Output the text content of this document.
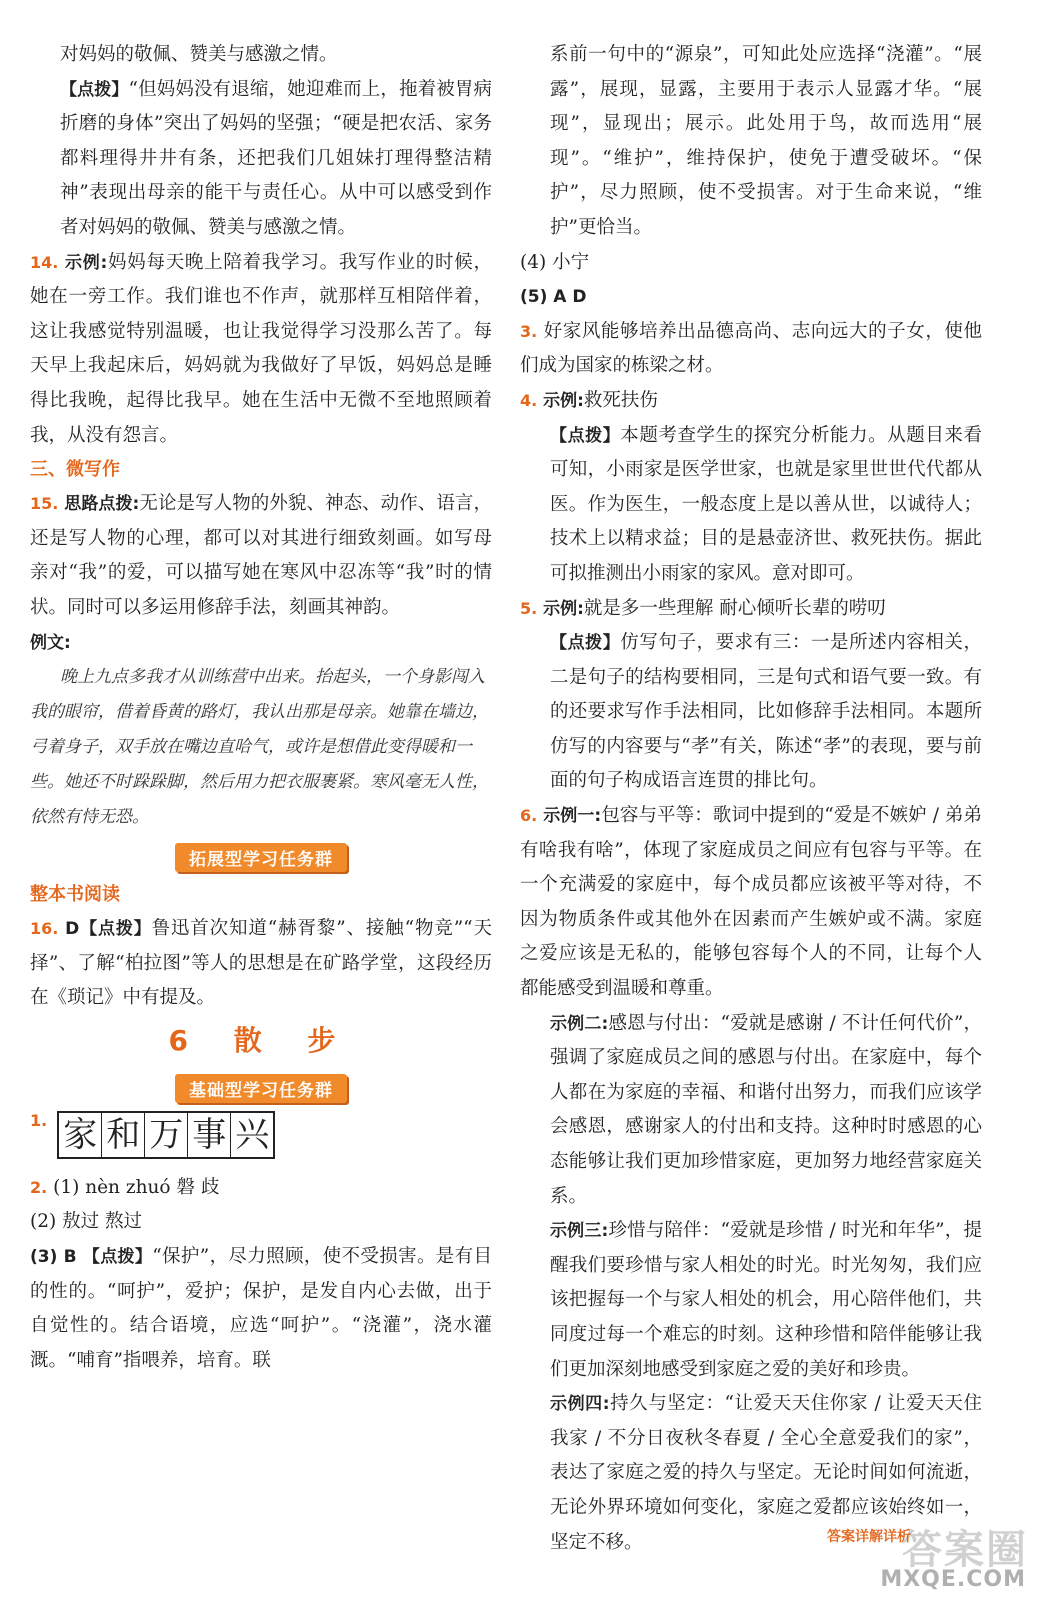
对妈妈的敬佩、赞美与感激之情。

【点拨】“但妈妈没有退缩，她迎难而上，拖着被胃病折磨的身体”突出了妈妈的坚强；“硬是把农活、家务都料理得井井有条，还把我们几姐妹打理得整洁精神”表现出母亲的能干与责任心。从中可以感受到作者对妈妈的敬佩、赞美与感激之情。

14. 示例:妈妈每天晚上陪着我学习。我写作业的时候，她在一旁工作。我们谁也不作声，就那样互相陪伴着，这让我感觉特别温暖，也让我觉得学习没那么苦了。每天早上我起床后，妈妈就为我做好了早饭，妈妈总是睡得比我晚，起得比我早。她在生活中无微不至地照顾着我，从没有怨言。

三、微写作

15. 思路点拨:无论是写人物的外貌、神态、动作、语言，还是写人物的心理，都可以对其进行细致刻画。如写母亲对“我”的爱，可以描写她在寒风中忍冻等“我”时的情状。同时可以多运用修辞手法，刻画其神韵。

例文:

晚上九点多我才从训练营中出来。抬起头，一个身影闯入我的眼帘，借着昏黄的路灯，我认出那是母亲。她靠在墙边，弓着身子，双手放在嘴边直哈气，或许是想借此变得暖和一些。她还不时跺跺脚，然后用力把衣服裹紧。寒风毫无人性，依然有恃无恐。

拓展型学习任务群

整本书阅读

16. D【点拨】鲁迅首次知道“赫胥黎”、接触“物竞”“天择”、了解“柏拉图”等人的思想是在矿路学堂，这段经历在《琐记》中有提及。

6 散 步

基础型学习任务群
1. 家 和 万 事 兴

2. (1) nèn zhuó 磐 歧

(2) 敖过 熬过

(3) B 【点拨】“保护”，尽力照顾，使不受损害。是有目的性的。“呵护”，爱护；保护，是发自内心去做，出于自觉性的。结合语境，应选“呵护”。“浇灌”，浇水灌溉。“哺育”指喂养，培育。联

系前一句中的“源泉”，可知此处应选择“浇灌”。“展露”，展现，显露，主要用于表示人显露才华。“展现”，显现出；展示。此处用于鸟，故而选用“展现”。“维护”，维持保护，使免于遭受破坏。“保护”，尽力照顾，使不受损害。对于生命来说，“维护”更恰当。

(4) 小宁

(5) A D

3. 好家风能够培养出品德高尚、志向远大的子女，使他们成为国家的栋梁之材。

4. 示例:救死扶伤

【点拨】本题考查学生的探究分析能力。从题目来看可知，小雨家是医学世家，也就是家里世世代代都从医。作为医生，一般态度上是以善从世，以诚待人；技术上以精求益；目的是悬壶济世、救死扶伤。据此可拟推测出小雨家的家风。意对即可。

5. 示例:就是多一些理解 耐心倾听长辈的唠叨

【点拨】仿写句子，要求有三：一是所述内容相关，二是句子的结构要相同，三是句式和语气要一致。有的还要求写作手法相同，比如修辞手法相同。本题所仿写的内容要与“孝”有关，陈述“孝”的表现，要与前面的句子构成语言连贯的排比句。

6. 示例一:包容与平等：歌词中提到的“爱是不嫉妒 / 弟弟有啥我有啥”，体现了家庭成员之间应有包容与平等。在一个充满爱的家庭中，每个成员都应该被平等对待，不因为物质条件或其他外在因素而产生嫉妒或不满。家庭之爱应该是无私的，能够包容每个人的不同，让每个人都能感受到温暖和尊重。

示例二:感恩与付出：“爱就是感谢 / 不计任何代价”，强调了家庭成员之间的感恩与付出。在家庭中，每个人都在为家庭的幸福、和谐付出努力，而我们应该学会感恩，感谢家人的付出和支持。这种时时感恩的心态能够让我们更加珍惜家庭，更加努力地经营家庭关系。

示例三:珍惜与陪伴：“爱就是珍惜 / 时光和年华”，提醒我们要珍惜与家人相处的时光。时光匆匆，我们应该把握每一个与家人相处的机会，用心陪伴他们，共同度过每一个难忘的时刻。这种珍惜和陪伴能够让我们更加深刻地感受到家庭之爱的美好和珍贵。

示例四:持久与坚定：“让爱天天住你家 / 让爱天天住我家 / 不分日夜秋冬春夏 / 全心全意爱我们的家”，表达了家庭之爱的持久与坚定。无论时间如何流逝，无论外界环境如何变化，家庭之爱都应该始终如一，坚定不移。	答案圈
答案详解详析
MXQE.COM
